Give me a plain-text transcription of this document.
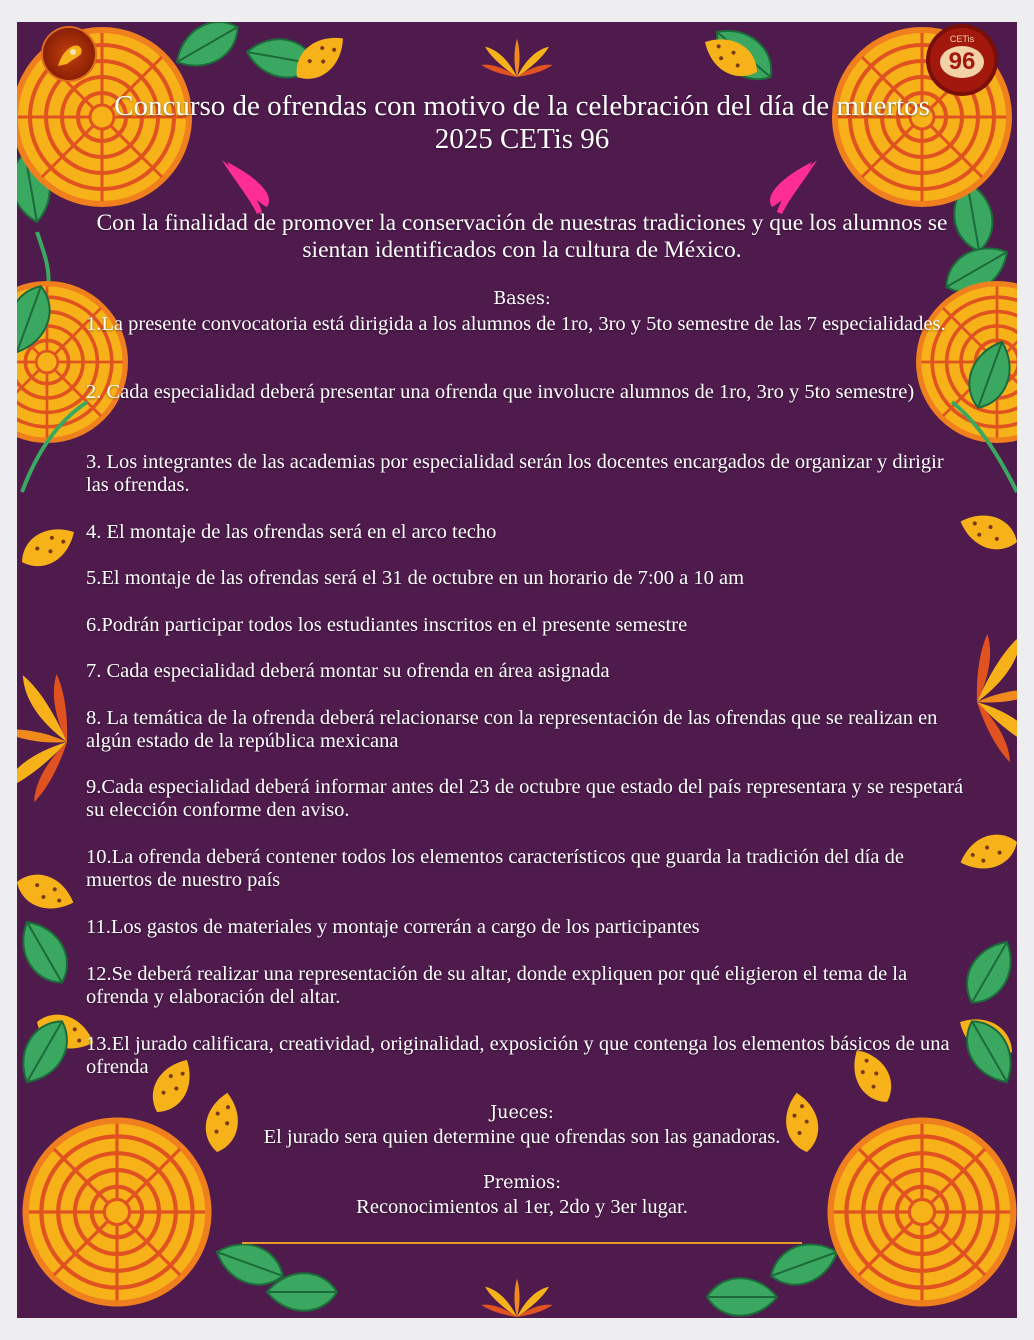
CETis
96
Concurso de ofrendas con motivo de la celebración del día de muertos 2025 CETis 96
Con la finalidad de promover la conservación de nuestras tradiciones y que los alumnos se sientan identificados con la cultura de México.
Bases:
1.La presente convocatoria está dirigida a los alumnos de 1ro, 3ro y 5to semestre de las 7 especialidades.
2. Cada especialidad deberá presentar una ofrenda que involucre alumnos de 1ro, 3ro y 5to semestre)
3. Los integrantes de las academias por especialidad serán los docentes encargados de organizar y dirigir las ofrendas.
4. El montaje de las ofrendas será en el arco techo
5.El montaje de las ofrendas será el 31 de octubre en un horario de 7:00 a 10 am
6.Podrán participar todos los estudiantes inscritos en el presente semestre
7. Cada especialidad deberá montar su ofrenda en área asignada
8. La temática de la ofrenda deberá relacionarse con la representación de las ofrendas que se realizan en algún estado de la república mexicana
9.Cada especialidad deberá informar antes del 23 de octubre que estado del país representara y se respetará su elección conforme den aviso.
10.La ofrenda deberá contener todos los elementos característicos que guarda la tradición del día de muertos de nuestro país
11.Los gastos de materiales y montaje correrán a cargo de los participantes
12.Se deberá realizar una representación de su altar, donde expliquen por qué eligieron el tema de la ofrenda y elaboración del altar.
13.El jurado calificara, creatividad, originalidad, exposición y que contenga los elementos básicos de una ofrenda
Jueces:
El jurado sera quien determine que ofrendas son las ganadoras.
Premios:
Reconocimientos al 1er, 2do y 3er lugar.
